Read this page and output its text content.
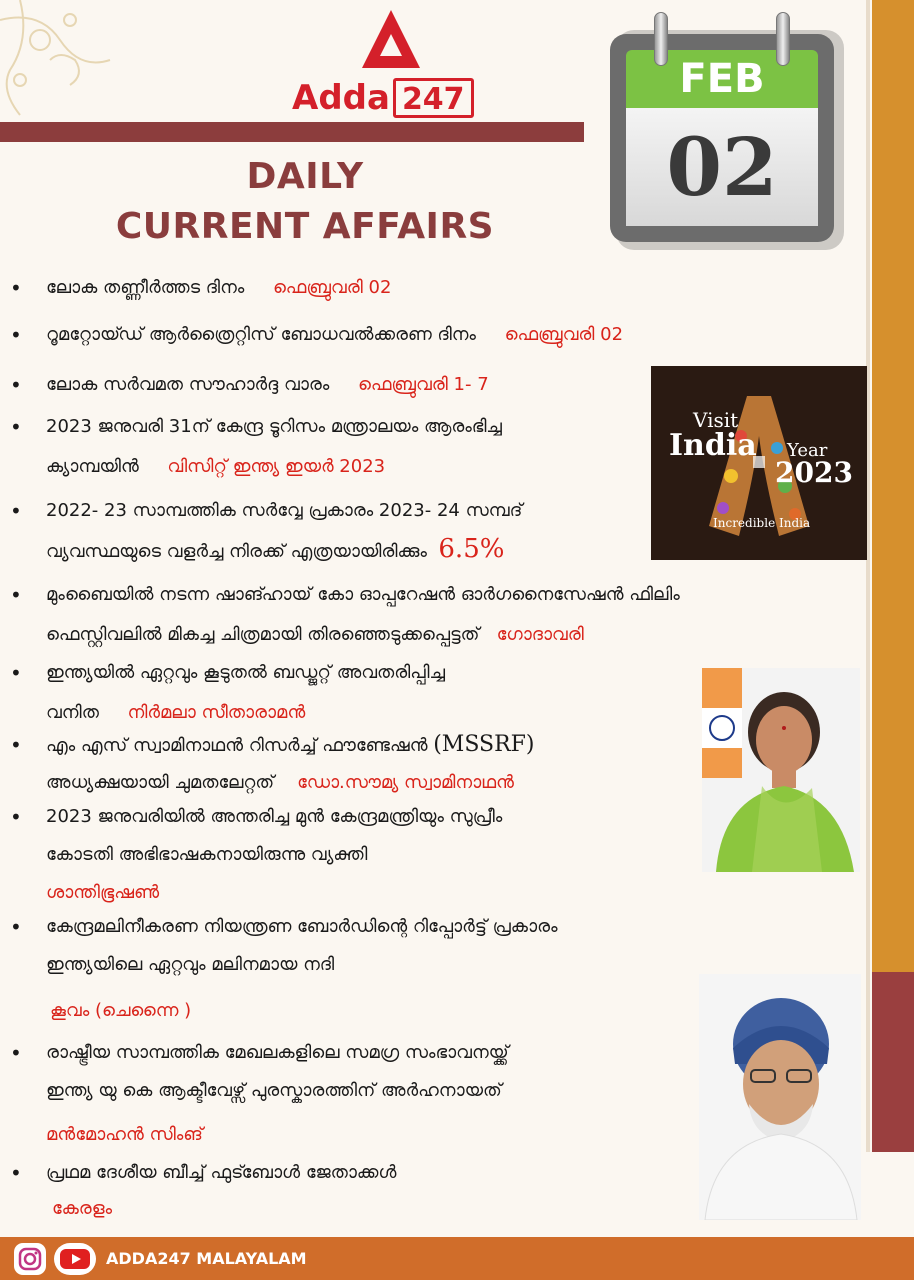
Adda 247
DAILY
CURRENT AFFAIRS
FEB
02
• ലോക തണ്ണീർത്തട ദിനം ഫെബ്രുവരി 02
• റൂമറ്റോയ്ഡ് ആർത്രൈറ്റിസ് ബോധവൽക്കരണ ദിനം ഫെബ്രുവരി 02
• ലോക സർവമത സൗഹാർദ്ദ വാരം ഫെബ്രുവരി 1- 7
• 2023 ജനുവരി 31ന് കേന്ദ്ര ടൂറിസം മന്ത്രാലയം ആരംഭിച്ച
ക്യാമ്പയിൻ വിസിറ്റ് ഇന്ത്യ ഇയർ 2023
• 2022- 23 സാമ്പത്തിക സർവ്വേ പ്രകാരം 2023- 24 സമ്പദ്
വ്യവസ്ഥയുടെ വളർച്ച നിരക്ക് എത്രയായിരിക്കും 6.5%
• മുംബൈയിൽ നടന്ന ഷാങ്ഹായ് കോ ഓപ്പറേഷൻ ഓർഗനൈസേഷൻ ഫിലിം
ഫെസ്റ്റിവലിൽ മികച്ച ചിത്രമായി തിരഞ്ഞെടുക്കപ്പെട്ടത് ഗോദാവരി
• ഇന്ത്യയിൽ ഏറ്റവും കൂടുതൽ ബഡ്ജറ്റ് അവതരിപ്പിച്ച
വനിത നിർമലാ സീതാരാമൻ
• എം എസ് സ്വാമിനാഥൻ റിസർച്ച് ഫൗണ്ടേഷൻ (MSSRF)
അധ്യക്ഷയായി ചുമതലേറ്റത് ഡോ.സൗമ്യ സ്വാമിനാഥൻ
• 2023 ജനുവരിയിൽ അന്തരിച്ച മുൻ കേന്ദ്രമന്ത്രിയും സുപ്രീം
കോടതി അഭിഭാഷകനായിരുന്നു വ്യക്തി
ശാന്തിഭൂഷൺ
• കേന്ദ്രമലിനീകരണ നിയന്ത്രണ ബോർഡിന്റെ റിപ്പോർട്ട് പ്രകാരം
ഇന്ത്യയിലെ ഏറ്റവും മലിനമായ നദി
കൂവം (ചെന്നൈ )
• രാഷ്ട്രീയ സാമ്പത്തിക മേഖലകളിലെ സമഗ്ര സംഭാവനയ്ക്ക്
ഇന്ത്യ യു കെ ആക്ടീവേഴ്സ് പുരസ്കാരത്തിന് അർഹനായത്
മൻമോഹൻ സിംങ്
• പ്രഥമ ദേശീയ ബീച്ച് ഫുട്ബോൾ ജേതാക്കൾ
കേരളം
Visit
India Year
2023
Incredible India
ADDA247 MALAYALAM
